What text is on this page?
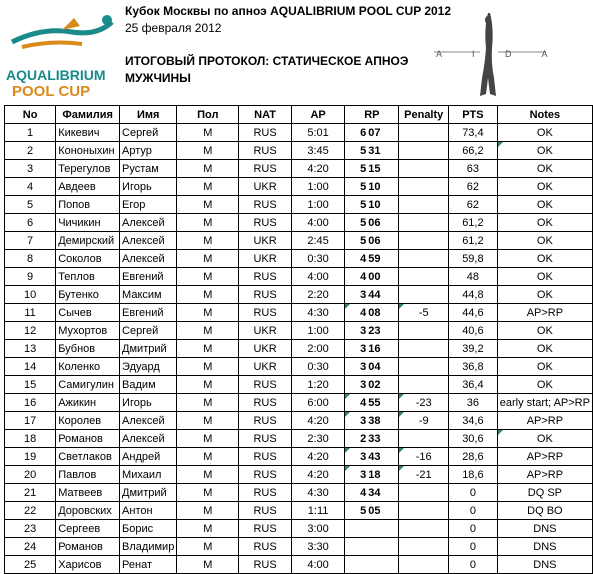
AQUALIBRIUM
POOL CUP
A I D A
Кубок Москвы по апноэ AQUALIBRIUM POOL CUP 2012
25 февраля 2012
ИТОГОВЫЙ ПРОТОКОЛ: СТАТИЧЕСКОЕ АПНОЭ
МУЖЧИНЫ
No	Фамилия	Имя	Пол	NAT	AP	RP	Penalty	PTS	Notes
1	Кикевич	Сергей	М	RUS	5:01	6 07		73,4	OK
2	Кононыхин	Артур	М	RUS	3:45	5 31		66,2	OK
3	Терегулов	Рустам	М	RUS	4:20	5 15		63	OK
4	Авдеев	Игорь	М	UKR	1:00	5 10		62	OK
5	Попов	Егор	М	RUS	1:00	5 10		62	OK
6	Чичикин	Алексей	М	RUS	4:00	5 06		61,2	OK
7	Демирский	Алексей	М	UKR	2:45	5 06		61,2	OK
8	Соколов	Алексей	М	UKR	0:30	4 59		59,8	OK
9	Теплов	Евгений	М	RUS	4:00	4 00		48	OK
10	Бутенко	Максим	М	RUS	2:20	3 44		44,8	OK
11	Сычев	Евгений	М	RUS	4:30	4 08	-5	44,6	AP>RP
12	Мухортов	Сергей	М	UKR	1:00	3 23		40,6	OK
13	Бубнов	Дмитрий	М	UKR	2:00	3 16		39,2	OK
14	Коленко	Эдуард	М	UKR	0:30	3 04		36,8	OK
15	Самигулин	Вадим	М	RUS	1:20	3 02		36,4	OK
16	Ажикин	Игорь	М	RUS	6:00	4 55	-23	36	early start; AP>RP
17	Королев	Алексей	М	RUS	4:20	3 38	-9	34,6	AP>RP
18	Романов	Алексей	М	RUS	2:30	2 33		30,6	OK
19	Светлаков	Андрей	М	RUS	4:20	3 43	-16	28,6	AP>RP
20	Павлов	Михаил	М	RUS	4:20	3 18	-21	18,6	AP>RP
21	Матвеев	Дмитрий	М	RUS	4:30	4 34		0	DQ SP
22	Доровских	Антон	М	RUS	1:11	5 05		0	DQ BO
23	Сергеев	Борис	М	RUS	3:00			0	DNS
24	Романов	Владимир	М	RUS	3:30			0	DNS
25	Харисов	Ренат	М	RUS	4:00			0	DNS
